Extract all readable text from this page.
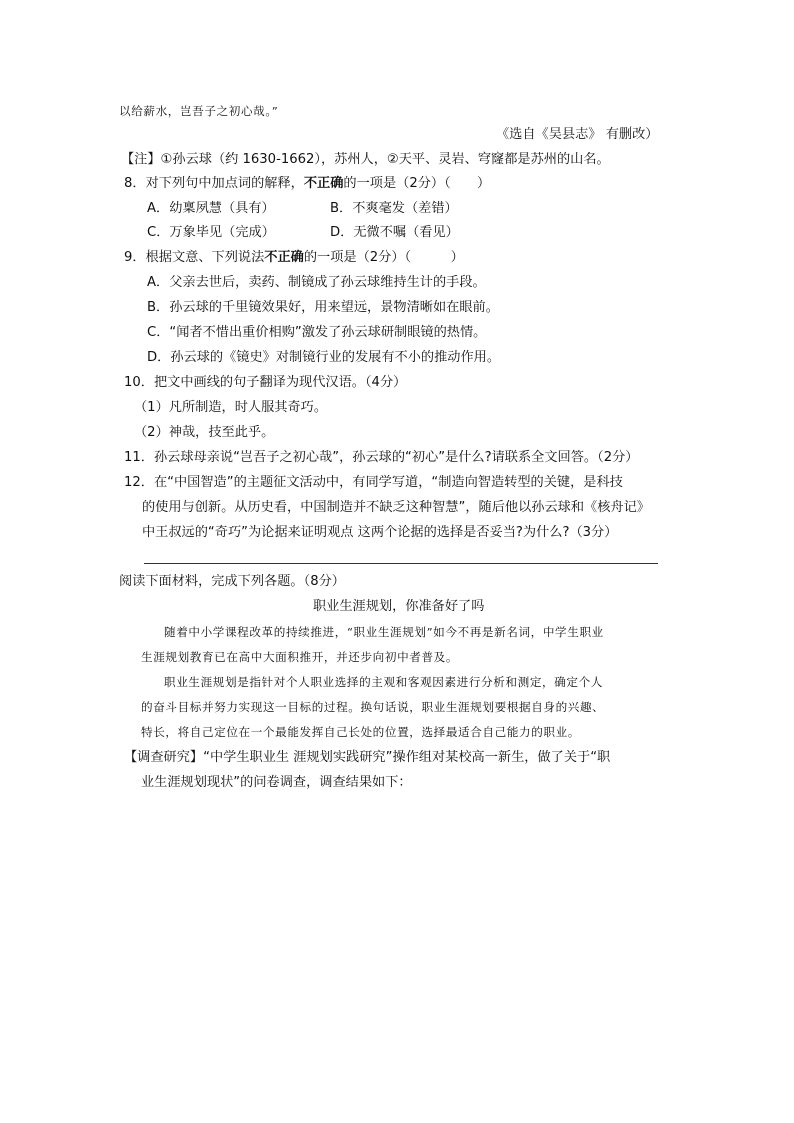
以给薪水，岂吾子之初心哉。”
《选自《吴县志》 有删改）
【注】①孙云球（约 1630-1662），苏州人，②天平、灵岩、穹窿都是苏州的山名。
8．对下列句中加点词的解释，不正确的一项是（2分）（　　）
A．幼稟夙慧（具有）	B．不爽毫发（差错）
C．万象毕见（完成）	D．无微不嘱（看见）
9．根据文意、下列说法不正确的一项是（2分）（　　　）
A．父亲去世后，卖药、制镜成了孙云球维持生计的手段。
B．孙云球的千里镜效果好，用来望远，景物清晰如在眼前。
C．“闻者不惜出重价相购”激发了孙云球研制眼镜的热情。
D．孙云球的《镜史》对制镜行业的发展有不小的推动作用。
10．把文中画线的句子翻译为现代汉语。（4分）
（1）凡所制造，时人服其奇巧。
（2）神哉，技至此乎。
11．孙云球母亲说“岂吾子之初心哉”，孙云球的“初心”是什么?请联系全文回答。（2分）
12．在“中国智造”的主题征文活动中，有同学写道，“制造向智造转型的关键，是科技
的使用与创新。从历史看，中国制造并不缺乏这种智慧”，随后他以孙云球和《核舟记》
中王叔远的“奇巧”为论据来证明观点 这两个论据的选择是否妥当?为什么?（3分）
阅读下面材料，完成下列各题。（8分）
职业生涯规划，你准备好了吗
随着中小学课程改革的持续推进，“职业生涯规划”如今不再是新名词，中学生职业
生涯规划教育已在高中大面积推开，并还步向初中者普及。
职业生涯规划是指针对个人职业选择的主观和客观因素进行分析和测定，确定个人
的奋斗目标并努力实现这一目标的过程。换句话说，职业生涯规划要根据自身的兴趣、
特长，将自己定位在一个最能发挥自己长处的位置，选择最适合自己能力的职业。
【调查研究】“中学生职业生 涯规划实践研究”操作组对某校高一新生，做了关于“职
业生涯规划现状”的问卷调查，调查结果如下：
